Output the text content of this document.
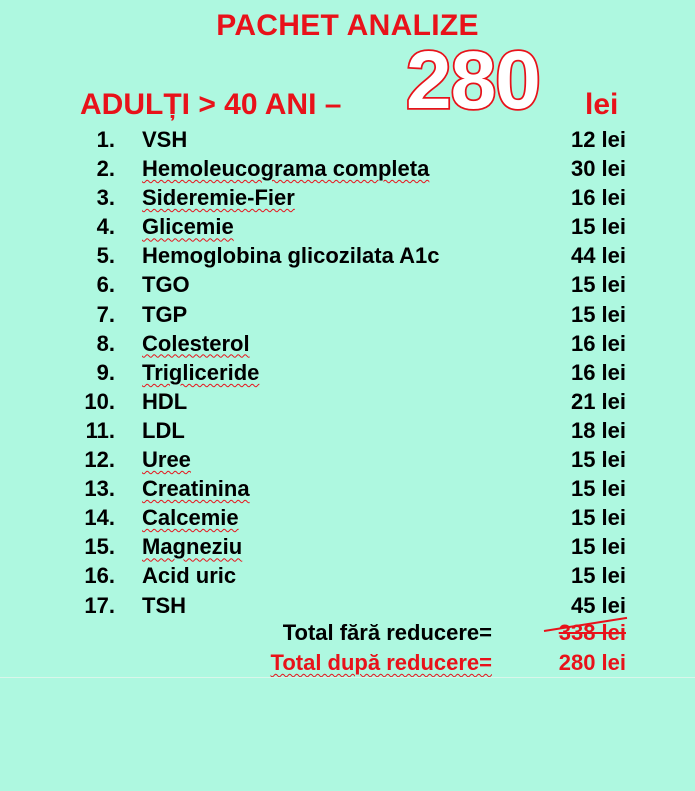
PACHET ANALIZE
ADULȚI > 40 ANI – 280 lei
1. VSH	12 lei
2. Hemoleucograma completa	30 lei
3. Sideremie-Fier	16 lei
4. Glicemie	15 lei
5. Hemoglobina glicozilata A1c	44 lei
6. TGO	15 lei
7. TGP	15 lei
8. Colesterol	16 lei
9. Trigliceride	16 lei
10. HDL	21 lei
11. LDL	18 lei
12. Uree	15 lei
13. Creatinina	15 lei
14. Calcemie	15 lei
15. Magneziu	15 lei
16. Acid uric	15 lei
17. TSH	45 lei
Total fără reducere=	338 lei
Total după reducere=	280 lei
